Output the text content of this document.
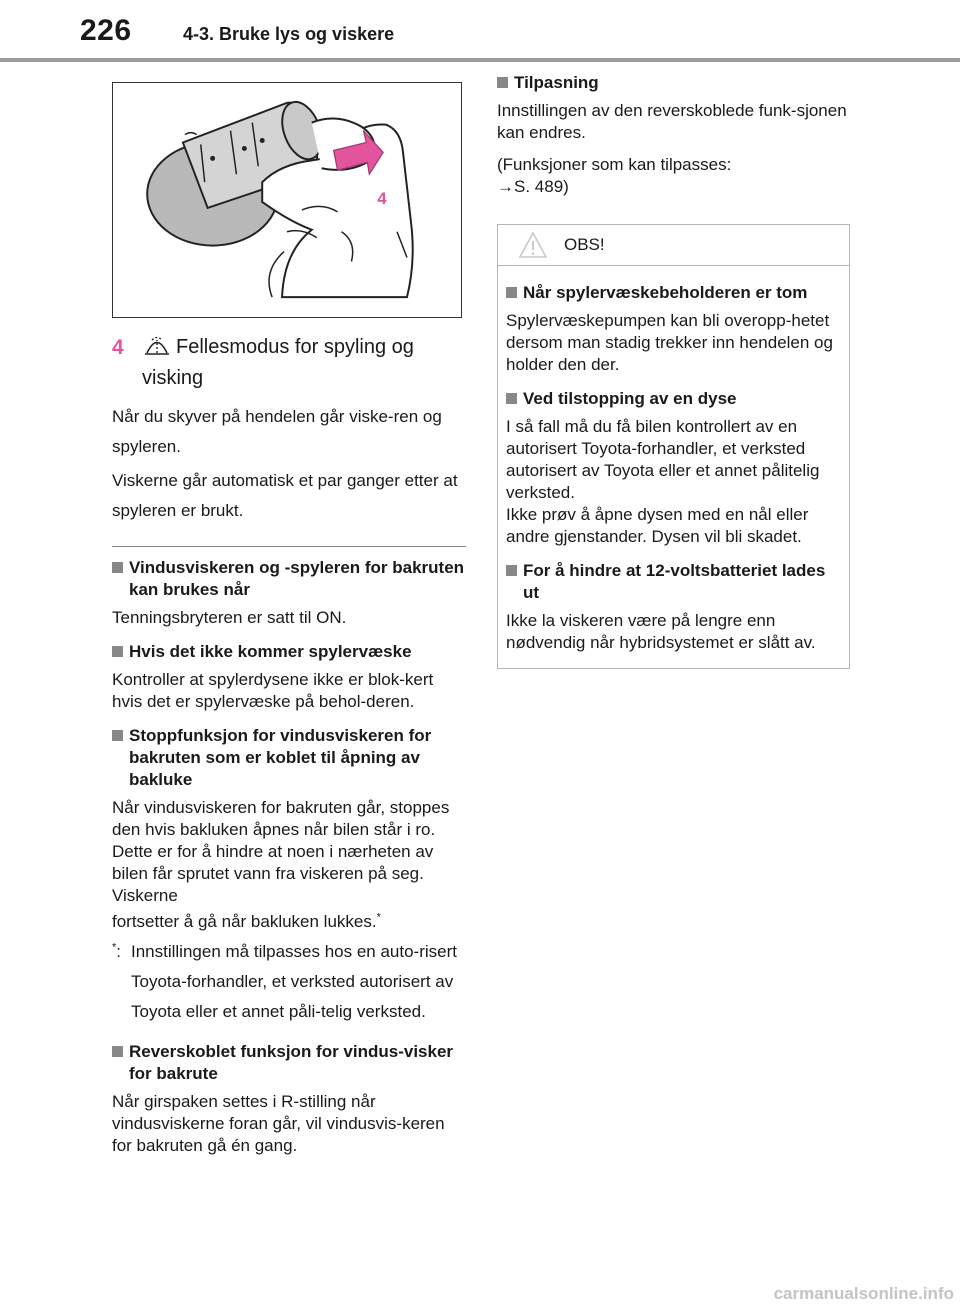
226	4-3. Bruke lys og viskere
4
4	Fellesmodus for spyling og visking

Når du skyver på hendelen går viske-ren og spyleren.

Viskerne går automatisk et par ganger etter at spyleren er brukt.

Vindusviskeren og -spyleren for bakruten kan brukes når

Tenningsbryteren er satt til ON.

Hvis det ikke kommer spylervæske

Kontroller at spylerdysene ikke er blok-kert hvis det er spylervæske på behol-deren.

Stoppfunksjon for vindusviskeren for bakruten som er koblet til åpning av bakluke

Når vindusviskeren for bakruten går, stoppes den hvis bakluken åpnes når bilen står i ro. Dette er for å hindre at noen i nærheten av bilen får sprutet vann fra viskeren på seg. Viskerne

fortsetter å gå når bakluken lukkes.*

*: Innstillingen må tilpasses hos en auto-risert Toyota-forhandler, et verksted autorisert av Toyota eller et annet påli-telig verksted.
Reverskoblet funksjon for vindus-visker for bakrute

Når girspaken settes i R-stilling når vindusviskerne foran går, vil vindusvis-keren for bakruten gå én gang.

Tilpasning

Innstillingen av den reverskoblede funk-sjonen kan endres.

(Funksjoner som kan tilpasses: →S. 489)

OBS!
Når spylervæskebeholderen er tom

Spylervæskepumpen kan bli overopp-hetet dersom man stadig trekker inn hendelen og holder den der.

Ved tilstopping av en dyse

I så fall må du få bilen kontrollert av en autorisert Toyota-forhandler, et verksted autorisert av Toyota eller et annet pålitelig verksted.

Ikke prøv å åpne dysen med en nål eller andre gjenstander. Dysen vil bli skadet.

For å hindre at 12-voltsbatteriet lades ut

Ikke la viskeren være på lengre enn nødvendig når hybridsystemet er slått av.

carmanualsonline.info
